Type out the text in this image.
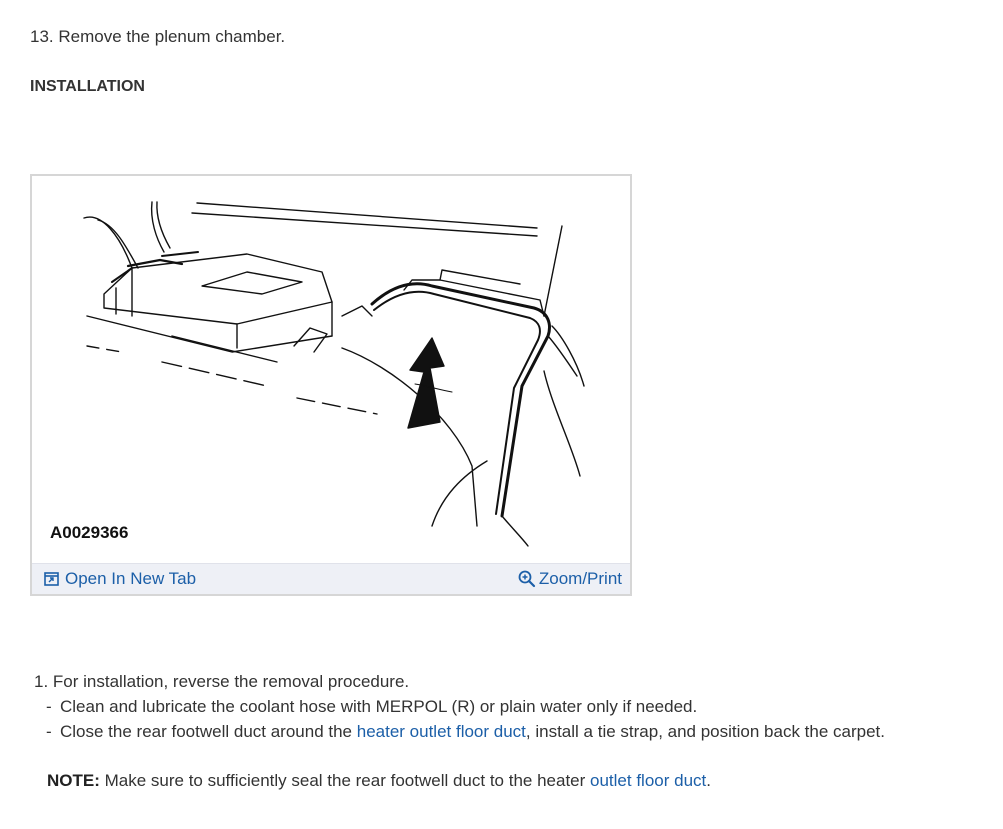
13. Remove the plenum chamber.
INSTALLATION
A0029366
Open In New Tab	Zoom/Print
1. For installation, reverse the removal procedure.
- Clean and lubricate the coolant hose with MERPOL (R) or plain water only if needed.
- Close the rear footwell duct around the heater outlet floor duct, install a tie strap, and position back the carpet.
NOTE: Make sure to sufficiently seal the rear footwell duct to the heater outlet floor duct.
